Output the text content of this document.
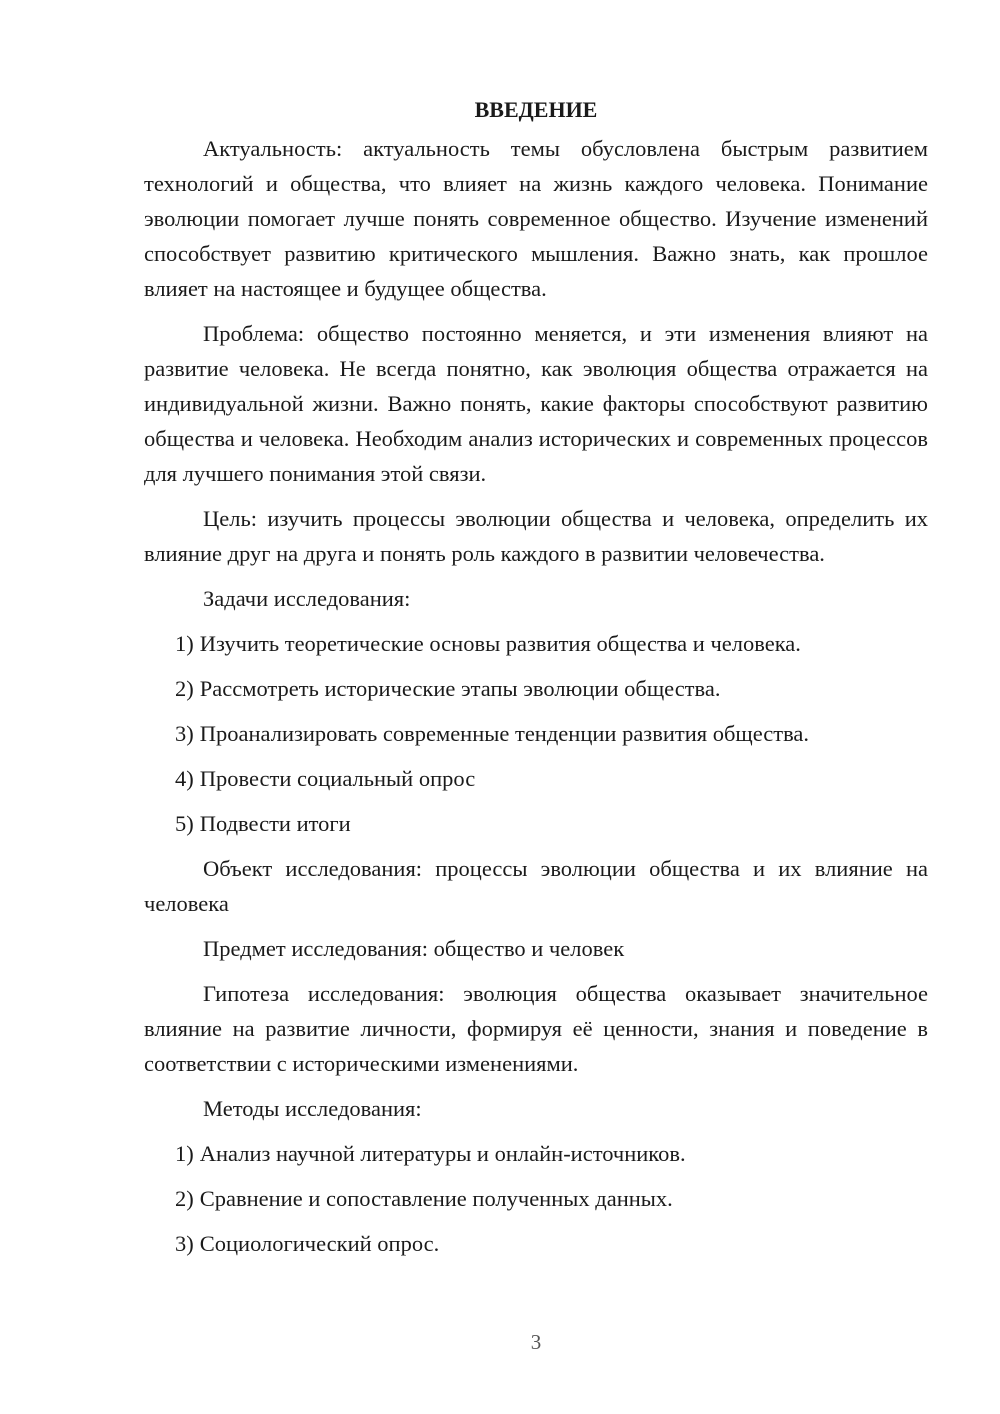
ВВЕДЕНИЕ

Актуальность: актуальность темы обусловлена быстрым развитием технологий и общества, что влияет на жизнь каждого человека. Понимание эволюции помогает лучше понять современное общество. Изучение изменений способствует развитию критического мышления. Важно знать, как прошлое влияет на настоящее и будущее общества.

Проблема: общество постоянно меняется, и эти изменения влияют на развитие человека. Не всегда понятно, как эволюция общества отражается на индивидуальной жизни. Важно понять, какие факторы способствуют развитию общества и человека. Необходим анализ исторических и современных процессов для лучшего понимания этой связи.

Цель: изучить процессы эволюции общества и человека, определить их влияние друг на друга и понять роль каждого в развитии человечества.

Задачи исследования:

1) Изучить теоретические основы развития общества и человека.

2) Рассмотреть исторические этапы эволюции общества.

3) Проанализировать современные тенденции развития общества.

4) Провести социальный опрос

5) Подвести итоги

Объект исследования: процессы эволюции общества и их влияние на человека

Предмет исследования: общество и человек

Гипотеза исследования: эволюция общества оказывает значительное влияние на развитие личности, формируя её ценности, знания и поведение в соответствии с историческими изменениями.

Методы исследования:

1) Анализ научной литературы и онлайн-источников.

2) Сравнение и сопоставление полученных данных.

3) Социологический опрос.

3
